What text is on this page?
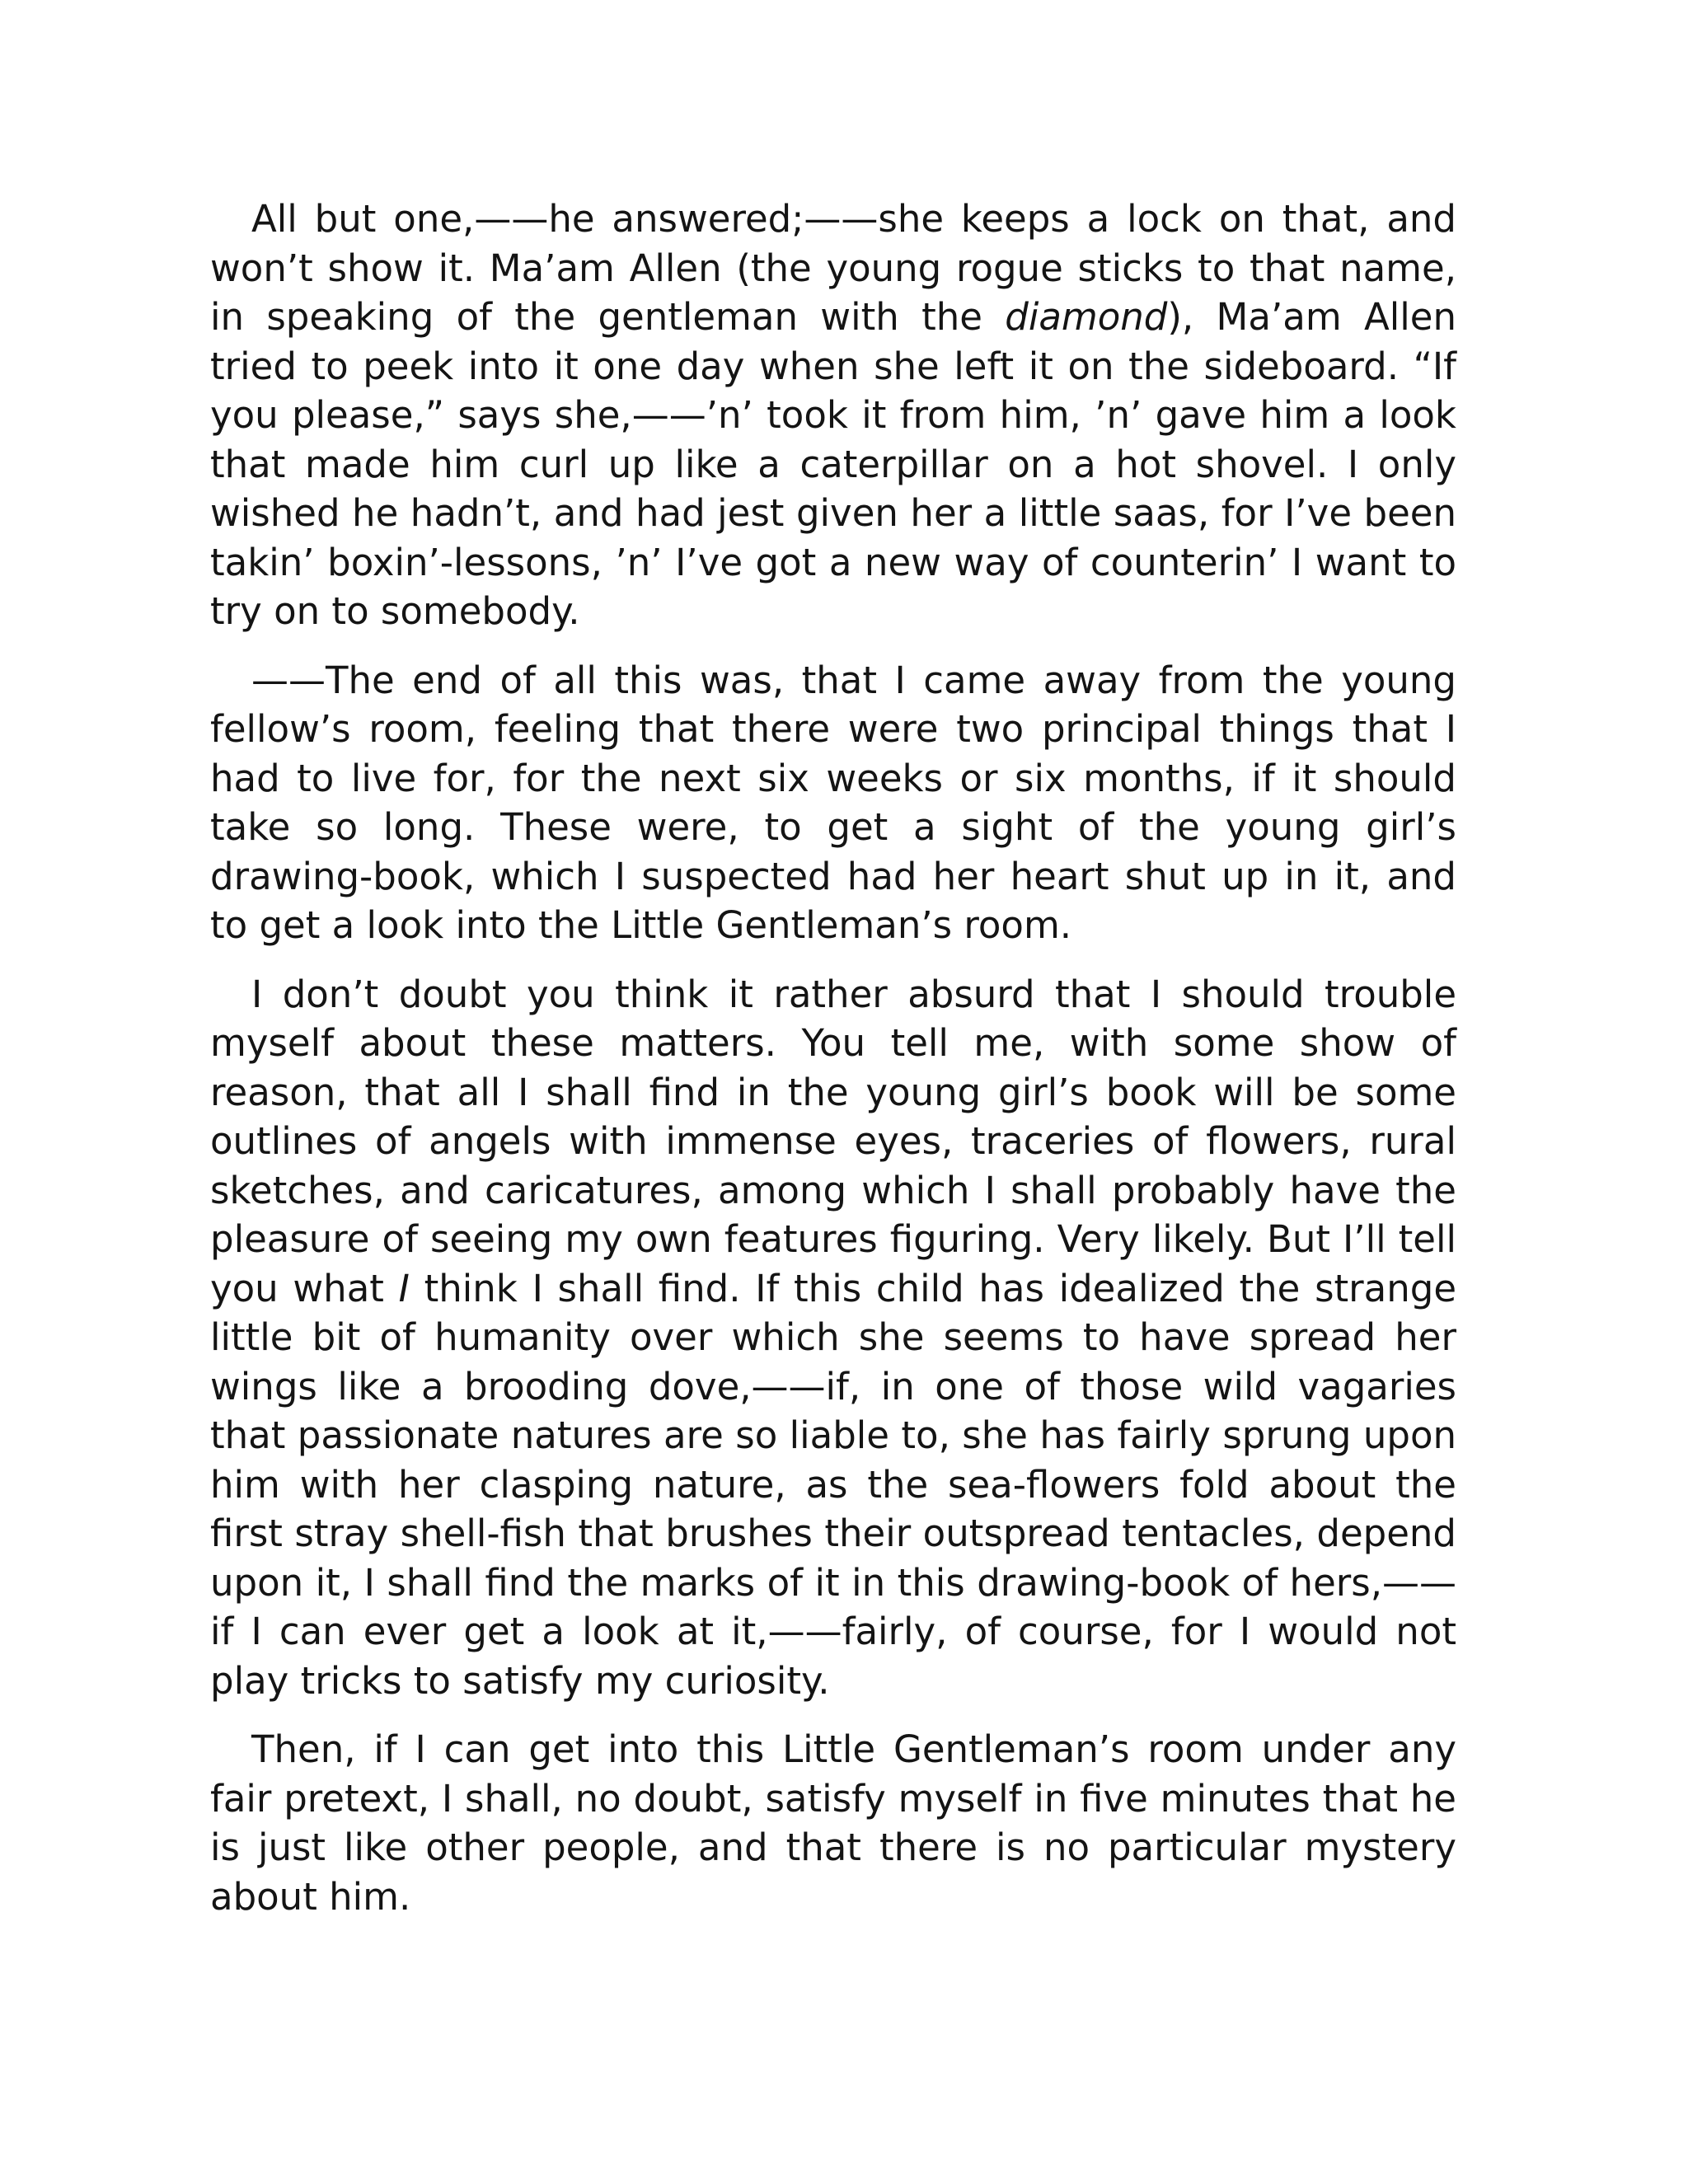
All but one,——he answered;——she keeps a lock on that, and won’t show it. Ma’am Allen (the young rogue sticks to that name, in speaking of the gentleman with the diamond), Ma’am Allen tried to peek into it one day when she left it on the sideboard. “If you please,” says she,——’n’ took it from him, ’n’ gave him a look that made him curl up like a caterpillar on a hot shovel. I only wished he hadn’t, and had jest given her a little saas, for I’ve been takin’ boxin’-lessons, ’n’ I’ve got a new way of counterin’ I want to try on to somebody.

——The end of all this was, that I came away from the young fellow’s room, feeling that there were two principal things that I had to live for, for the next six weeks or six months, if it should take so long. These were, to get a sight of the young girl’s drawing-book, which I suspected had her heart shut up in it, and to get a look into the Little Gentleman’s room.

I don’t doubt you think it rather absurd that I should trouble myself about these matters. You tell me, with some show of reason, that all I shall find in the young girl’s book will be some outlines of angels with immense eyes, traceries of flowers, rural sketches, and caricatures, among which I shall probably have the pleasure of seeing my own features figuring. Very likely. But I’ll tell you what I think I shall find. If this child has idealized the strange little bit of humanity over which she seems to have spread her wings like a brooding dove,——if, in one of those wild vagaries that passionate natures are so liable to, she has fairly sprung upon him with her clasping nature, as the sea-flowers fold about the first stray shell-fish that brushes their outspread tentacles, depend upon it, I shall find the marks of it in this drawing-book of hers,——if I can ever get a look at it,——fairly, of course, for I would not play tricks to satisfy my curiosity.

Then, if I can get into this Little Gentleman’s room under any fair pretext, I shall, no doubt, satisfy myself in five minutes that he is just like other people, and that there is no particular mystery about him.
